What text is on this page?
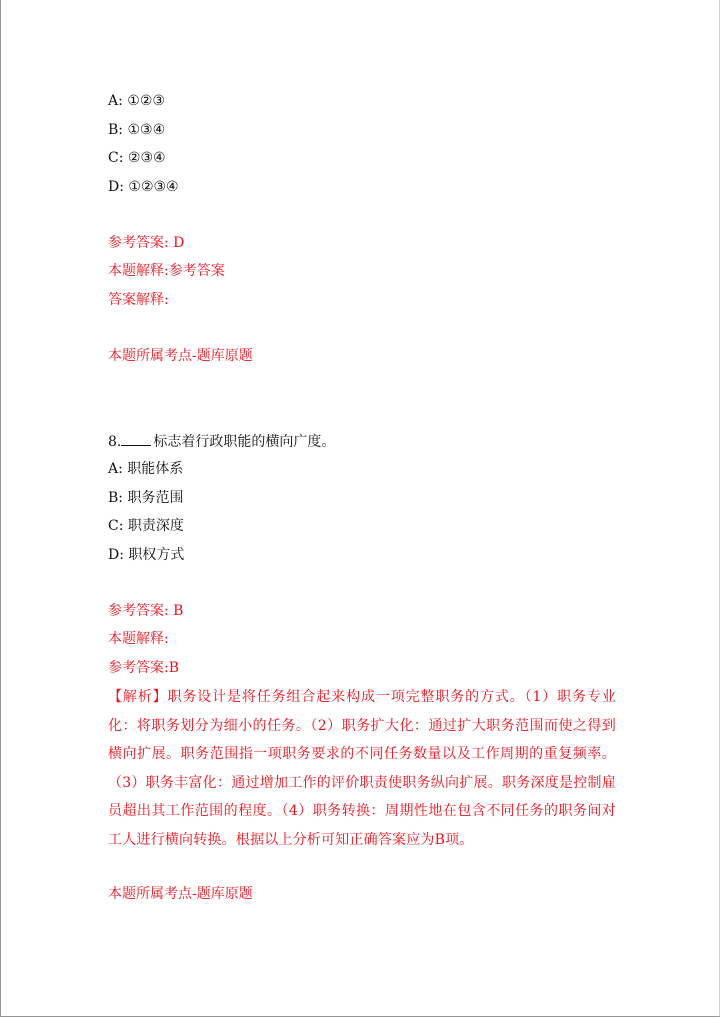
A: ①②③
B: ①③④
C: ②③④
D: ①②③④
参考答案: D
本题解释:参考答案
答案解释:
本题所属考点-题库原题
8. 标志着行政职能的横向广度。
A: 职能体系
B: 职务范围
C: 职责深度
D: 职权方式
参考答案: B
本题解释:
参考答案:B
【解析】职务设计是将任务组合起来构成一项完整职务的方式。（1）职务专业化：将职务划分为细小的任务。（2）职务扩大化：通过扩大职务范围而使之得到横向扩展。职务范围指一项职务要求的不同任务数量以及工作周期的重复频率。（3）职务丰富化：通过增加工作的评价职责使职务纵向扩展。职务深度是控制雇员超出其工作范围的程度。（4）职务转换：周期性地在包含不同任务的职务间对工人进行横向转换。根据以上分析可知正确答案应为B项。
本题所属考点-题库原题
